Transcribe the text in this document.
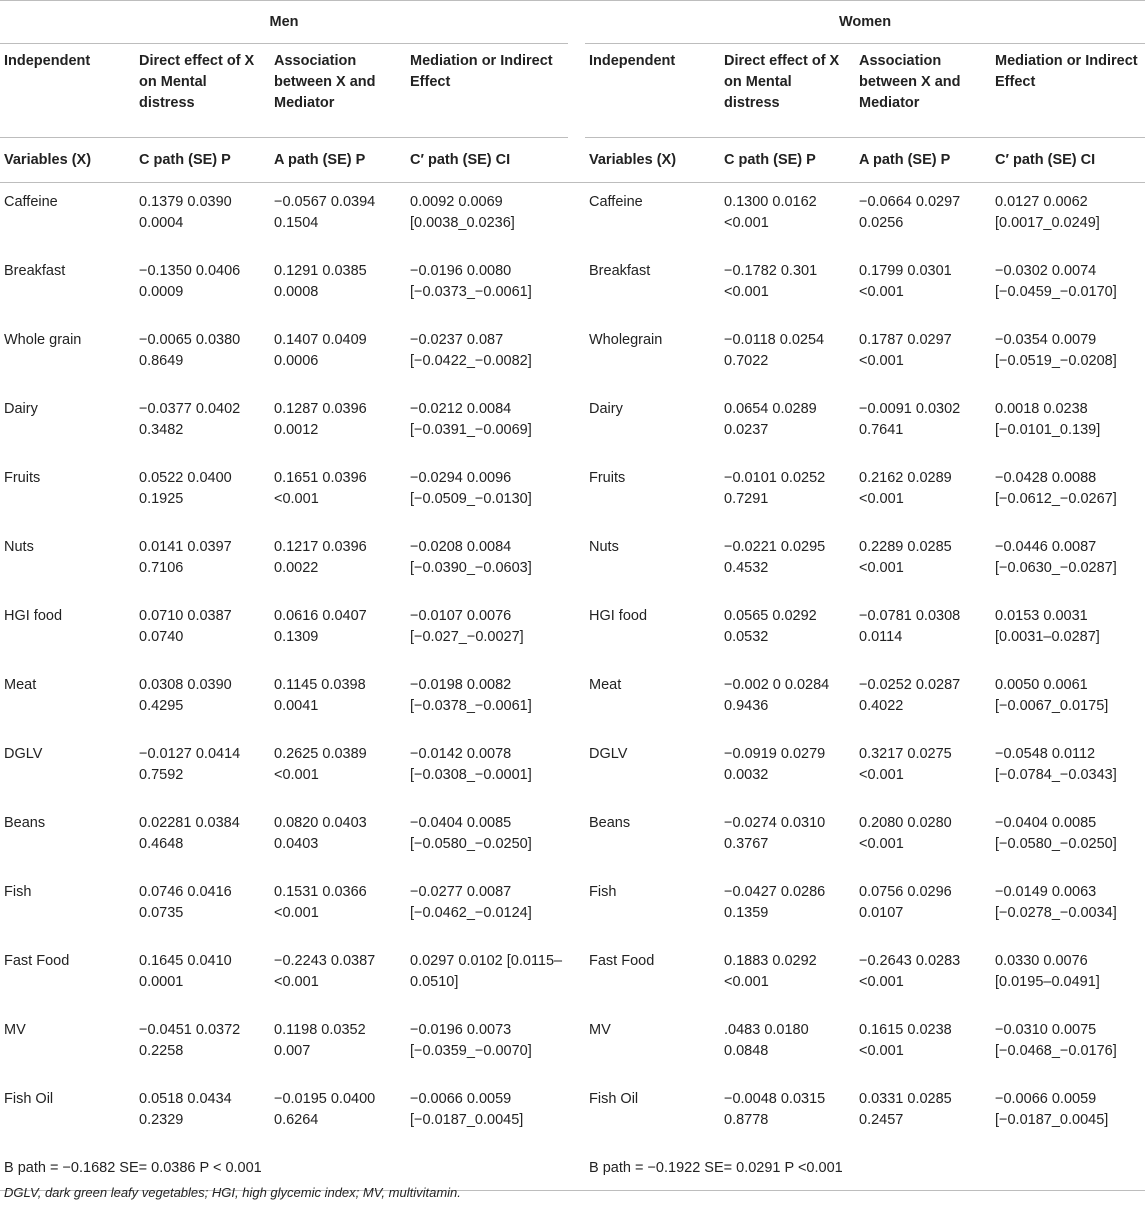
Men					Women			
Independent	Direct effect of X on Mental distress	Association between X and Mediator	Mediation or Indirect Effect		Independent	Direct effect of X on Mental distress	Association between X and Mediator	Mediation or Indirect Effect
Variables (X)	C path (SE) P	A path (SE) P	C′ path (SE) CI		Variables (X)	C path (SE) P	A path (SE) P	C′ path (SE) CI
Caffeine	0.1379 0.0390 0.0004	−0.0567 0.0394 0.1504	0.0092 0.0069 [0.0038_0.0236]		Caffeine	0.1300 0.0162 <0.001	−0.0664 0.0297 0.0256	0.0127 0.0062 [0.0017_0.0249]
Breakfast	−0.1350 0.0406 0.0009	0.1291 0.0385 0.0008	−0.0196 0.0080 [−0.0373_−0.0061]		Breakfast	−0.1782 0.301 <0.001	0.1799 0.0301 <0.001	−0.0302 0.0074 [−0.0459_−0.0170]
Whole grain	−0.0065 0.0380 0.8649	0.1407 0.0409 0.0006	−0.0237 0.087 [−0.0422_−0.0082]		Wholegrain	−0.0118 0.0254 0.7022	0.1787 0.0297 <0.001	−0.0354 0.0079 [−0.0519_−0.0208]
Dairy	−0.0377 0.0402 0.3482	0.1287 0.0396 0.0012	−0.0212 0.0084 [−0.0391_−0.0069]		Dairy	0.0654 0.0289 0.0237	−0.0091 0.0302 0.7641	0.0018 0.0238 [−0.0101_0.139]
Fruits	0.0522 0.0400 0.1925	0.1651 0.0396 <0.001	−0.0294 0.0096 [−0.0509_−0.0130]		Fruits	−0.0101 0.0252 0.7291	0.2162 0.0289 <0.001	−0.0428 0.0088 [−0.0612_−0.0267]
Nuts	0.0141 0.0397 0.7106	0.1217 0.0396 0.0022	−0.0208 0.0084 [−0.0390_−0.0603]		Nuts	−0.0221 0.0295 0.4532	0.2289 0.0285 <0.001	−0.0446 0.0087 [−0.0630_−0.0287]
HGI food	0.0710 0.0387 0.0740	0.0616 0.0407 0.1309	−0.0107 0.0076 [−0.027_−0.0027]		HGI food	0.0565 0.0292 0.0532	−0.0781 0.0308 0.0114	0.0153 0.0031 [0.0031–0.0287]
Meat	0.0308 0.0390 0.4295	0.1145 0.0398 0.0041	−0.0198 0.0082 [−0.0378_−0.0061]		Meat	−0.002 0 0.0284 0.9436	−0.0252 0.0287 0.4022	0.0050 0.0061 [−0.0067_0.0175]
DGLV	−0.0127 0.0414 0.7592	0.2625 0.0389 <0.001	−0.0142 0.0078 [−0.0308_−0.0001]		DGLV	−0.0919 0.0279 0.0032	0.3217 0.0275 <0.001	−0.0548 0.0112 [−0.0784_−0.0343]
Beans	0.02281 0.0384 0.4648	0.0820 0.0403 0.0403	−0.0404 0.0085 [−0.0580_−0.0250]		Beans	−0.0274 0.0310 0.3767	0.2080 0.0280 <0.001	−0.0404 0.0085 [−0.0580_−0.0250]
Fish	0.0746 0.0416 0.0735	0.1531 0.0366 <0.001	−0.0277 0.0087 [−0.0462_−0.0124]		Fish	−0.0427 0.0286 0.1359	0.0756 0.0296 0.0107	−0.0149 0.0063 [−0.0278_−0.0034]
Fast Food	0.1645 0.0410 0.0001	−0.2243 0.0387 <0.001	0.0297 0.0102 [0.0115–0.0510]		Fast Food	0.1883 0.0292 <0.001	−0.2643 0.0283 <0.001	0.0330 0.0076 [0.0195–0.0491]
MV	−0.0451 0.0372 0.2258	0.1198 0.0352 0.007	−0.0196 0.0073 [−0.0359_−0.0070]		MV	.0483 0.0180 0.0848	0.1615 0.0238 <0.001	−0.0310 0.0075 [−0.0468_−0.0176]
Fish Oil	0.0518 0.0434 0.2329	−0.0195 0.0400 0.6264	−0.0066 0.0059 [−0.0187_0.0045]		Fish Oil	−0.0048 0.0315 0.8778	0.0331 0.0285 0.2457	−0.0066 0.0059 [−0.0187_0.0045]
B path = −0.1682 SE= 0.0386 P < 0.001					B path = −0.1922 SE= 0.0291 P <0.001			
DGLV, dark green leafy vegetables; HGI, high glycemic index; MV, multivitamin.
